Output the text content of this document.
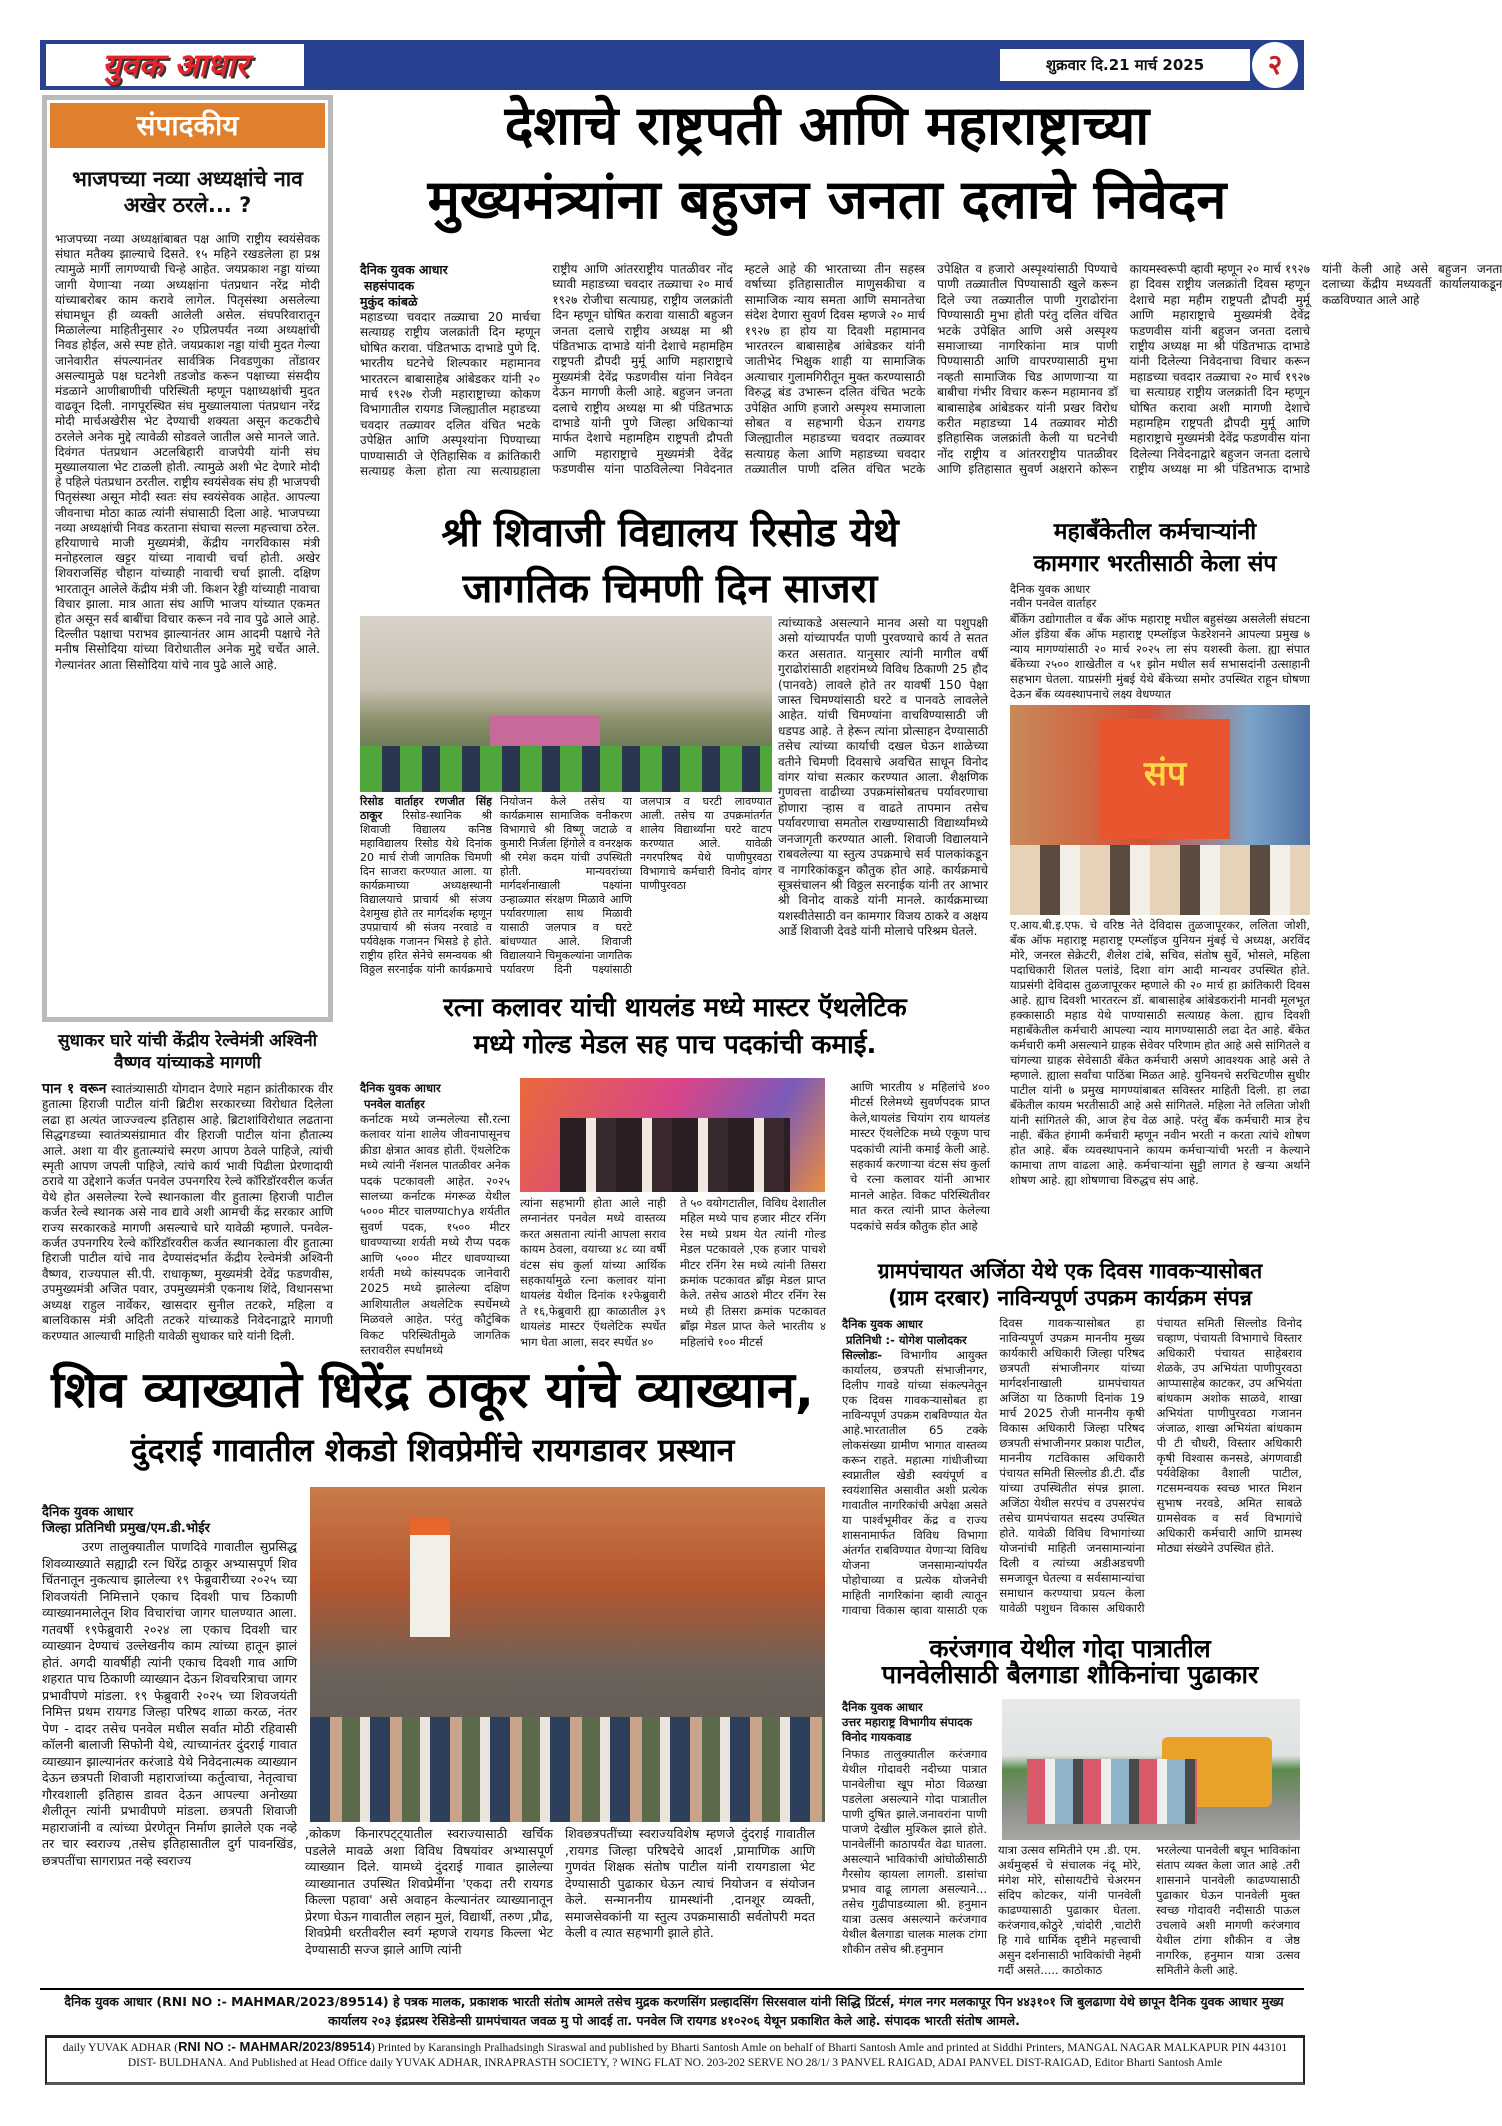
युवक आधार	शुक्रवार दि.21 मार्च 2025	२
संपादकीय
भाजपच्या नव्या अध्यक्षांचे नाव अखेर ठरले... ?
भाजपच्या नव्या अध्यक्षांबाबत पक्ष आणि राष्ट्रीय स्वयंसेवक संघात मतैक्य झाल्याचे दिसते. १५ महिने रखडलेला हा प्रश्न त्यामुळे मार्गी लागण्याची चिन्हे आहेत. जयप्रकाश नड्डा यांच्या जागी येणाऱ्या नव्या अध्यक्षांना पंतप्रधान नरेंद्र मोदी यांच्याबरोबर काम करावे लागेल. पितृसंस्था असलेल्या संघामधून ही व्यक्ती आलेली असेल. संघपरिवारातून मिळालेल्या माहितीनुसार २० एप्रिलपर्यंत नव्या अध्यक्षांची निवड होईल, असे स्पष्ट होते. जयप्रकाश नड्डा यांची मुदत गेल्या जानेवारीत संपल्यानंतर सार्वत्रिक निवडणुका तोंडावर असल्यामुळे पक्ष घटनेशी तडजोड करून पक्षाच्या संसदीय मंडळाने आणीबाणीची परिस्थिती म्हणून पक्षाध्यक्षांची मुदत वाढवून दिली. नागपूरस्थित संघ मुख्यालयाला पंतप्रधान नरेंद्र मोदी मार्चअखेरीस भेट देण्याची शक्यता असून कटकटीचे ठरलेले अनेक मुद्दे त्यावेळी सोडवले जातील असे मानले जाते. दिवंगत पंतप्रधान अटलबिहारी वाजपेयी यांनी संघ मुख्यालयाला भेट टाळली होती. त्यामुळे अशी भेट देणारे मोदी हे पहिले पंतप्रधान ठरतील. राष्ट्रीय स्वयंसेवक संघ ही भाजपची पितृसंस्था असून मोदी स्वतः संघ स्वयंसेवक आहेत. आपल्या जीवनाचा मोठा काळ त्यांनी संघासाठी दिला आहे. भाजपच्या नव्या अध्यक्षांची निवड करताना संघाचा सल्ला महत्त्वाचा ठरेल. हरियाणाचे माजी मुख्यमंत्री, केंद्रीय नगरविकास मंत्री मनोहरलाल खट्टर यांच्या नावाची चर्चा होती. अखेर शिवराजसिंह चौहान यांच्याही नावाची चर्चा झाली. दक्षिण भारतातून आलेले केंद्रीय मंत्री जी. किशन रेड्डी यांच्याही नावाचा विचार झाला. मात्र आता संघ आणि भाजप यांच्यात एकमत होत असून सर्व बाबींचा विचार करून नवे नाव पुढे आले आहे. दिल्लीत पक्षाचा पराभव झाल्यानंतर आम आदमी पक्षाचे नेते मनीष सिसोदिया यांच्या विरोधातील अनेक मुद्दे चर्चेत आले. गेल्यानंतर आता सिसोदिया यांचे नाव पुढे आले आहे.
सुधाकर घारे यांची केंद्रीय रेल्वेमंत्री अश्विनी वैष्णव यांच्याकडे मागणी
पान १ वरून स्वातंत्र्यासाठी योगदान देणारे महान क्रांतीकारक वीर हुतात्मा हिराजी पाटील यांनी ब्रिटीश सरकारच्या विरोधात दिलेला लढा हा अत्यंत जाज्ज्वल्य इतिहास आहे. ब्रिटाशांविरोधात लढताना सिद्धगडच्या स्वातंत्र्यसंग्रामात वीर हिराजी पाटील यांना हौतात्म्य आले. अशा या वीर हुतात्म्यांचे स्मरण आपण ठेवले पाहिजे, त्यांची स्मृती आपण जपली पाहिजे, त्यांचे कार्य भावी पिढीला प्रेरणादायी ठरावे या उद्देशाने कर्जत पनवेल उपनगरिय रेल्वे कॉरिडॉरवरील कर्जत येथे होत असलेल्या रेल्वे स्थानकाला वीर हुतात्मा हिराजी पाटील कर्जत रेल्वे स्थानक असे नाव द्यावे अशी आमची केंद्र सरकार आणि राज्य सरकारकडे मागणी असल्याचे घारे यावेळी म्हणाले. पनवेल-कर्जत उपनगरिय रेल्वे कॉरिडॉरवरील कर्जत स्थानकाला वीर हुतात्मा हिराजी पाटील यांचे नाव देण्यासंदर्भात केंद्रीय रेल्वेमंत्री अश्विनी वैष्णव, राज्यपाल सी.पी. राधाकृष्ण, मुख्यमंत्री देवेंद्र फडणवीस, उपमुख्यमंत्री अजित पवार, उपमुख्यमंत्री एकनाथ शिंदे, विधानसभा अध्यक्ष राहुल नार्वेकर, खासदार सुनील तटकरे, महिला व बालविकास मंत्री अदिती तटकरे यांच्याकडे निवेदनाद्वारे मागणी करण्यात आल्याची माहिती यावेळी सुधाकर घारे यांनी दिली.
देशाचे राष्ट्रपती आणि महाराष्ट्राच्या
मुख्यमंत्र्यांना बहुजन जनता दलाचे निवेदन
दैनिक युवक आधार
सहसंपादक
मुकुंद कांबळे
महाडच्या चवदार तळ्याचा 20 मार्चचा सत्याग्रह राष्ट्रीय जलक्रांती दिन म्हणून घोषित करावा. पंडितभाऊ दाभाडे पुणे दि. भारतीय घटनेचे शिल्पकार महामानव भारतरत्न बाबासाहेब आंबेडकर यांनी २० मार्च १९२७ रोजी महाराष्ट्राच्या कोकण विभागातील रायगड जिल्ह्यातील महाडच्या चवदार तळ्यावर दलित वंचित भटके उपेक्षित आणि अस्पृश्यांना पिण्याच्या पाण्यासाठी जे ऐतिहासिक व क्रांतिकारी सत्याग्रह केला होता त्या सत्याग्रहाला राष्ट्रीय आणि आंतरराष्ट्रीय पातळीवर नोंद घ्यावी महाडच्या चवदार तळ्याचा २० मार्च १९२७ रोजीचा सत्याग्रह, राष्ट्रीय जलक्रांती दिन म्हणून घोषित करावा यासाठी बहुजन जनता दलाचे राष्ट्रीय अध्यक्ष मा श्री पंडितभाऊ दाभाडे यांनी देशाचे महामहिम राष्ट्रपती द्रौपदी मुर्मू आणि महाराष्ट्राचे मुख्यमंत्री देवेंद्र फडणवीस यांना निवेदन देऊन मागणी केली आहे. बहुजन जनता दलाचे राष्ट्रीय अध्यक्ष मा श्री पंडितभाऊ दाभाडे यांनी पुणे जिल्हा अधिकाऱ्यां मार्फत देशाचे महामहिम राष्ट्रपती द्रौपती आणि महाराष्ट्राचे मुख्यमंत्री देवेंद्र फडणवीस यांना पाठविलेल्या निवेदनात म्हटले आहे की भारताच्या तीन सहस्त्र वर्षाच्या इतिहासातील माणुसकीचा व सामाजिक न्याय समता आणि समानतेचा संदेश देणारा सुवर्ण दिवस म्हणजे २० मार्च १९२७ हा होय या दिवशी महामानव भारतरत्न बाबासाहेब आंबेडकर यांनी जातीभेद भिक्षुक शाही या सामाजिक अत्याचार गुलामगिरीतून मुक्त करण्यासाठी विरुद्ध बंड उभारून दलित वंचित भटके उपेक्षित आणि हजारो अस्पृश्य समाजाला सोबत व सहभागी घेऊन रायगड जिल्ह्यातील महाडच्या चवदार तळ्यावर सत्याग्रह केला आणि महाडच्या चवदार तळ्यातील पाणी दलित वंचित भटके उपेक्षित व हजारो अस्पृश्यांसाठी पिण्याचे पाणी तळ्यातील पिण्यासाठी खुले करून दिले ज्या तळ्यातील पाणी गुराढोरांना पिण्यासाठी मुभा होती परंतु दलित वंचित भटके उपेक्षित आणि असे अस्पृश्य समाजाच्या नागरिकांना मात्र पाणी पिण्यासाठी आणि वापरण्यासाठी मुभा नव्हती सामाजिक चिड आणणाऱ्या या बाबीचा गंभीर विचार करून महामानव डॉ बाबासाहेब आंबेडकर यांनी प्रखर विरोध करीत महाडच्या 14 तळ्यावर मोठी इतिहासिक जलक्रांती केली या घटनेची नोंद राष्ट्रीय व आंतरराष्ट्रीय पातळीवर आणि इतिहासात सुवर्ण अक्षराने कोरून कायमस्वरूपी व्हावी म्हणून २० मार्च १९२७ हा दिवस राष्ट्रीय जलक्रांती दिवस म्हणून देशाचे महा महीम राष्ट्रपती द्रौपदी मुर्मू आणि महाराष्ट्राचे मुख्यमंत्री देवेंद्र फडणवीस यांनी बहुजन जनता दलाचे राष्ट्रीय अध्यक्ष मा श्री पंडितभाऊ दाभाडे यांनी दिलेल्या निवेदनाचा विचार करून महाडच्या चवदार तळ्याचा २० मार्च १९२७ चा सत्याग्रह राष्ट्रीय जलक्रांती दिन म्हणून घोषित करावा अशी मागणी देशाचे महामहिम राष्ट्रपती द्रौपदी मुर्मू आणि महाराष्ट्राचे मुख्यमंत्री देवेंद्र फडणवीस यांना दिलेल्या निवेदनाद्वारे बहुजन जनता दलाचे राष्ट्रीय अध्यक्ष मा श्री पंडितभाऊ दाभाडे यांनी केली आहे असे बहुजन जनता दलाच्या केंद्रीय मध्यवर्ती कार्यालयाकडून कळविण्यात आले आहे
श्री शिवाजी विद्यालय रिसोड येथे
जागतिक चिमणी दिन साजरा
त्यांच्याकडे असल्याने मानव असो या पशुपक्षी असो यांच्यापर्यंत पाणी पुरवण्याचे कार्य ते सतत करत असतात. यानुसार त्यांनी मागील वर्षी गुराढोरांसाठी शहरांमध्ये विविध ठिकाणी 25 हौद (पानवठे) लावले होते तर यावर्षी 150 पेक्षा जास्त चिमण्यांसाठी घरटे व पानवठे लावलेले आहेत. यांची चिमण्यांना वाचविण्यासाठी जी धडपड आहे. ते हेरून त्यांना प्रोत्साहन देण्यासाठी तसेच त्यांच्या कार्याची दखल घेऊन शाळेच्या वतीने चिमणी दिवसाचे अवचित साधून विनोद वांगर यांचा सत्कार करण्यात आला. शैक्षणिक गुणवत्ता वाढीच्या उपक्रमांसोबतच पर्यावरणाचा होणारा ऱ्हास व वाढते तापमान तसेच पर्यावरणाचा समतोल राखण्यासाठी विद्यार्थ्यांमध्ये जनजागृती करण्यात आली. शिवाजी विद्यालयाने राबवलेल्या या स्तुत्य उपक्रमाचे सर्व पालकांकडून व नागरिकांकडून कौतुक होत आहे. कार्यक्रमाचे सूत्रसंचालन श्री विठ्ठल सरनाईक यांनी तर आभार श्री विनोद वाकडे यांनी मानले. कार्यक्रमाच्या यशस्वीतेसाठी वन कामगार विजय ठाकरे व अक्षय आर्डे शिवाजी देवडे यांनी मोलाचे परिश्रम घेतले.
रिसोड वार्ताहर रणजीत सिंह ठाकूर रिसोड-स्थानिक श्री शिवाजी विद्यालय कनिष्ठ महाविद्यालय रिसोड येथे दिनांक 20 मार्च रोजी जागतिक चिमणी दिन साजरा करण्यात आला. या कार्यक्रमाच्या अध्यक्षस्थानी विद्यालयाचे प्राचार्य श्री संजय देशमुख होते तर मार्गदर्शक म्हणून उपप्राचार्य श्री संजय नरवाडे व पर्यवेक्षक गजानन भिसडे हे होते. राष्ट्रीय हरित सेनेचे समन्वयक श्री विठ्ठल सरनाईक यांनी कार्यक्रमाचे नियोजन केले तसेच या कार्यक्रमास सामाजिक वनीकरण विभागाचे श्री विष्णू जटाळे व कुमारी निर्जला हिंगोले व वनरक्षक श्री रमेश कदम यांची उपस्थिती होती. मान्यवरांच्या मार्गदर्शनाखाली पक्ष्यांना उन्हाळ्यात संरक्षण मिळावे आणि पर्यावरणाला साथ मिळावी यासाठी जलपात्र व घरटे बांधण्यात आले. शिवाजी विद्यालयाने चिमुकल्यांना जागतिक पर्यावरण दिनी पक्ष्यांसाठी जलपात्र व घरटी लावण्यात आली. तसेच या उपक्रमांतर्गत शालेय विद्यार्थ्यांना घरटे वाटप करण्यात आले. यावेळी नगरपरिषद येथे पाणीपुरवठा विभागाचे कर्मचारी विनोद वांगर पाणीपुरवठा
महाबँकेतील कर्मचाऱ्यांनी
कामगार भरतीसाठी केला संप
दैनिक युवक आधार
नवीन पनवेल वार्ताहर
बँकिंग उद्योगातील व बँक ऑफ महाराष्ट्र मधील बहुसंख्य असलेली संघटना ऑल इंडिया बँक ऑफ महाराष्ट्र एम्प्लॉइज फेडरेशनने आपल्या प्रमुख ७ न्याय मागण्यांसाठी २० मार्च २०२५ ला संप यशस्वी केला. ह्या संपात बँकेच्या २५०० शाखेतील व ५१ झोन मधील सर्व सभासदांनी उत्साहानी सहभाग घेतला. याप्रसंगी मुंबई येथे बँकेच्या समोर उपस्थित राहून घोषणा देऊन बँक व्यवस्थापनाचे लक्ष्य वेधण्यात
संप
ए.आय.बी.इ.एफ. चे वरिष्ठ नेते देविदास तुळजापूरकर, ललिता जोशी, बँक ऑफ महाराष्ट्र महाराष्ट्र एम्प्लॉइज युनियन मुंबई चे अध्यक्ष, अरविंद मोरे, जनरल सेक्रेटरी, शैलेश टांबे, सचिव, संतोष सुर्वे, भोसले, महिला पदाधिकारी शितल पलांडे, दिशा वांग आदी मान्यवर उपस्थित होते. याप्रसंगी देविदास तुळजापूरकर म्हणाले की २० मार्च हा क्रांतिकारी दिवस आहे. ह्याच दिवशी भारतरत्न डॉ. बाबासाहेब आंबेडकरांनी मानवी मूलभूत हक्कासाठी महाड येथे पाण्यासाठी सत्याग्रह केला. ह्याच दिवशी महाबँकेतील कर्मचारी आपल्या न्याय मागण्यासाठी लढा देत आहे. बँकेत कर्मचारी कमी असल्याने ग्राहक सेवेवर परिणाम होत आहे असे सांगितले व चांगल्या ग्राहक सेवेसाठी बँकेत कर्मचारी असणे आवश्यक आहे असे ते म्हणाले. ह्याला सर्वांचा पाठिंबा मिळत आहे. युनियनचे सरचिटणीस सुधीर पाटील यांनी ७ प्रमुख मागण्यांबाबत सविस्तर माहिती दिली. हा लढा बँकेतील कायम भरतीसाठी आहे असे सांगितले. महिला नेते ललिता जोशी यांनी सांगितले की, आज हेच वेळ आहे. परंतु बँक कर्मचारी मात्र हेच नाही. बँकेत हंगामी कर्मचारी म्हणून नवीन भरती न करता त्यांचे शोषण होत आहे. बँक व्यवस्थापनाने कायम कर्मचाऱ्यांची भरती न केल्याने कामाचा ताण वाढला आहे. कर्मचाऱ्यांना सुट्टी लागत हे खऱ्या अर्थाने शोषण आहे. ह्या शोषणाचा विरुद्धच संप आहे.
रत्ना कलावर यांची थायलंड मध्ये मास्टर ऍथलेटिक
मध्ये गोल्ड मेडल सह पाच पदकांची कमाई.
दैनिक युवक आधार
पनवेल वार्ताहर
कर्नाटक मध्ये जन्मलेल्या सौ.रत्ना कलावर यांना शालेय जीवनापासूनच क्रीडा क्षेत्रात आवड होती. ऍथलेटिक मध्ये त्यांनी नॅशनल पातळीवर अनेक पदकं पटकावली आहेत. २०२५ सालच्या कर्नाटक मंगरूळ येथील ५००० मीटर चालण्याchya शर्यतीत सुवर्ण पदक, १५०० मीटर धावण्याच्या शर्यती मध्ये रौप्य पदक आणि ५००० मीटर धावण्याच्या शर्यती मध्ये कांस्यपदक जानेवारी 2025 मध्ये झालेल्या दक्षिण आशियातील अथलेटिक स्पर्धेमध्ये मिळवले आहेत. परंतु कौटुंबिक विकट परिस्थितीमुळे जागतिक स्तरावरील स्पर्धांमध्ये
त्यांना सहभागी होता आले नाही लग्नानंतर पनवेल मध्ये वास्तव्य करत असताना त्यांनी आपला सराव कायम ठेवला, वयाच्या ४८ व्या वर्षी वंटस संघ कुर्ला यांच्या आर्थिक सहकार्यामुळे रत्ना कलावर यांना थायलंड येथील दिनांक १२फेब्रुवारी ते १६,फेब्रुवारी ह्या काळातील ३९ थायलंड मास्टर ऍथलेटिक स्पर्धेत भाग घेता आला, सदर स्पर्धेत ४०
ते ५० वयोगटातील, विविध देशातील महिल मध्ये पाच हजार मीटर रनिंग रेस मध्ये प्रथम येत त्यांनी गोल्ड मेडल पटकावले ,एक हजार पाचशे मीटर रनिंग रेस मध्ये त्यांनी तिसरा क्रमांक पटकावत ब्रॉंझ मेडल प्राप्त केले. तसेच आठशे मीटर रनिंग रेस मध्ये ही तिसरा क्रमांक पटकावत ब्रॉंझ मेडल प्राप्त केले भारतीय ४ महिलांचे १०० मीटर्स
आणि भारतीय ४ महिलांचे ४०० मीटर्स रिलेमध्ये सुवर्णपदक प्राप्त केले,थायलंड चियांग राय थायलंड मास्टर ऍथलेटिक मध्ये एकूण पाच पदकांची त्यांनी कमाई केली आहे. सहकार्य करणाऱ्या वंटस संघ कुर्ला चे रत्ना कलावर यांनी आभार मानले आहेत. विकट परिस्थितीवर मात करत त्यांनी प्राप्त केलेल्या पदकांचे सर्वत्र कौतुक होत आहे
ग्रामपंचायत अजिंठा येथे एक दिवस गावकऱ्यासोबत
(ग्राम दरबार) नाविन्यपूर्ण उपक्रम कार्यक्रम संपन्न
दैनिक युवक आधार
प्रतिनिधी :- योगेश पालोदकर
सिल्लोडः- विभागीय आयुक्त कार्यालय, छत्रपती संभाजीनगर, दिलीप गावडे यांच्या संकल्पनेतून एक दिवस गावकऱ्यासोबत हा नाविन्यपूर्ण उपक्रम राबविण्यात येत आहे.भारतातील 65 टक्के लोकसंख्या ग्रामीण भागात वास्तव्य करून राहते. महात्मा गांधीजीच्या स्वप्नातील खेडी स्वयंपूर्ण व स्वयंशासित असावीत अशी प्रत्येक गावातील नागरिकांची अपेक्षा असते या पार्श्वभूमीवर केंद्र व राज्य शासनामार्फत विविध विभागा अंतर्गत राबविण्यात येणाऱ्या विविध योजना जनसामान्यांपर्यंत पोहोचाव्या व प्रत्येक योजनेची माहिती नागरिकांना व्हावी त्यातून गावाचा विकास व्हावा यासाठी एक दिवस गावकऱ्यासोबत हा नाविन्यपूर्ण उपक्रम माननीय मुख्य कार्यकारी अधिकारी जिल्हा परिषद छत्रपती संभाजीनगर यांच्या मार्गदर्शनाखाली ग्रामपंचायत अजिंठा या ठिकाणी दिनांक 19 मार्च 2025 रोजी माननीय कृषी विकास अधिकारी जिल्हा परिषद छत्रपती संभाजीनगर प्रकाश पाटील, माननीय गटविकास अधिकारी पंचायत समिती सिल्लोड डी.टी. दौंड यांच्या उपस्थितीत संपन्न झाला. अजिंठा येथील सरपंच व उपसरपंच तसेच ग्रामपंचायत सदस्य उपस्थित होते. यावेळी विविध विभागांच्या योजनांची माहिती जनसामान्यांना दिली व त्यांच्या अडीअडचणी समजावून घेतल्या व सर्वसामान्यांचा समाधान करण्याचा प्रयत्न केला यावेळी पशुधन विकास अधिकारी पंचायत समिती सिल्लोड विनोद चव्हाण, पंचायती विभागाचे विस्तार अधिकारी पंचायत साहेबराव शेळके, उप अभियंता पाणीपुरवठा आप्पासाहेब काटकर, उप अभियंता बांधकाम अशोक साळवे, शाखा अभियंता पाणीपुरवठा गजानन जंजाळ, शाखा अभियंता बांधकाम पी टी चौधरी, विस्तार अधिकारी कृषी विश्वास कनसडे, अंगणवाडी पर्यवेक्षिका वैशाली पाटील, गटसमन्वयक स्वच्छ भारत मिशन सुभाष नरवडे, अमित साबळे ग्रामसेवक व सर्व विभागांचे अधिकारी कर्मचारी आणि ग्रामस्थ मोठ्या संख्येने उपस्थित होते.
शिव व्याख्याते धिरेंद्र ठाकूर यांचे व्याख्यान,
दुंदराई गावातील शेकडो शिवप्रेमींचे रायगडावर प्रस्थान
दैनिक युवक आधार
जिल्हा प्रतिनिधी प्रमुख/एम.डी.भोईर
उरण तालुक्यातील पाणदिवे गावातील सुप्रसिद्ध शिवव्याख्याते सह्याद्री रत्न धिरेंद्र ठाकूर अभ्यासपूर्ण शिव चिंतनातून नुकत्याच झालेल्या १९ फेब्रुवारीच्या २०२५ च्या शिवजयंती निमित्ताने एकाच दिवशी पाच ठिकाणी व्याख्यानमालेतून शिव विचारांचा जागर घालण्यात आला. गतवर्षी १९फेब्रुवारी २०२४ ला एकाच दिवशी चार व्याख्यान देण्याचं उल्लेखनीय काम त्यांच्या हातून झालं होतं. अगदी यावर्षीही त्यांनी एकाच दिवशी गाव आणि शहरात पाच ठिकाणी व्याख्यान देऊन शिवचरित्राचा जागर प्रभावीपणे मांडला. १९ फेब्रुवारी २०२५ च्या शिवजयंती निमित्त प्रथम रायगड जिल्हा परिषद शाळा करळ, नंतर पेण - दादर तसेच पनवेल मधील सर्वात मोठी रहिवासी कॉलनी बालाजी सिफोनी येथे, त्याच्यानंतर दुंदराई गावात व्याख्यान झाल्यानंतर करंजाडे येथे निवेदनात्मक व्याख्यान देऊन छत्रपती शिवाजी महाराजांच्या कर्तुत्वाचा, नेतृत्वाचा गौरवशाली इतिहास डावत देऊन आपल्या अनोख्या शैलीतून त्यांनी प्रभावीपणे मांडला. छत्रपती शिवाजी महाराजांनी व त्यांच्या प्रेरणेतून निर्माण झालेले एक नव्हे तर चार स्वराज्य ,तसेच इतिहासातील दुर्ग पावनखिंड, छत्रपतींचा सागराप्रत नव्हे स्वराज्य
,कोकण किनारपट्ट्यातील स्वराज्यासाठी खर्चिक पडलेले मावळे अशा विविध विषयांवर अभ्यासपूर्ण व्याख्यान दिले. यामध्ये दुंदराई गावात झालेल्या व्याख्यानात उपस्थित शिवप्रेमींना 'एकदा तरी रायगड किल्ला पहावा' असे अवाहन केल्यानंतर व्याख्यानातून प्रेरणा घेऊन गावातील लहान मुलं, विद्यार्थी, तरुण ,प्रौढ, शिवप्रेमी धरतीवरील स्वर्ग म्हणजे रायगड किल्ला भेट देण्यासाठी सज्ज झाले आणि त्यांनी
शिवछत्रपतींच्या स्वराज्यविशेष म्हणजे दुंदराई गावातील ,रायगड जिल्हा परिषदेचे आदर्श ,प्रामाणिक आणि गुणवंत शिक्षक संतोष पाटील यांनी रायगडाला भेट देण्यासाठी पुढाकार घेऊन त्याचं नियोजन व संयोजन केले. सन्माननीय ग्रामस्थांनी ,दानशूर व्यक्ती, समाजसेवकांनी या स्तुत्य उपक्रमासाठी सर्वतोपरी मदत केली व त्यात सहभागी झाले होते.
करंजगाव येथील गोदा पात्रातील
पानवेलीसाठी बैलगाडा शौकिनांचा पुढाकार
दैनिक युवक आधार
उत्तर महाराष्ट्र विभागीय संपादक
विनोद गायकवाड
निफाड तालुक्यातील करंजगाव येथील गोदावरी नदीच्या पात्रात पानवेलीचा खूप मोठा विळखा पडलेला असल्याने गोदा पात्रातील पाणी दुषित झाले.जनावरांना पाणी पाजणे देखील मुश्किल झाले होते. पानवेलींनी काठापर्यंत वेढा घातला. असल्याने भाविकांची आंघोळीसाठी गैरसोय व्हायला लागली. डासांचा प्रभाव वाढू लागला असल्याने... तसेच गुढीपाडव्याला श्री. हनुमान यात्रा उत्सव असल्याने करंजगाव येथील बैलगाडा चालक मालक टांगा शौकीन तसेच श्री.हनुमान
यात्रा उत्सव समितीने एम .डी. एम. अर्थमुव्हर्स चे संचालक नंदू मोरे, मंगेश मोरे, सोसायटीचे चेअरमन संदिप कोटकर, यांनी पानवेली काढण्यासाठी पुढाकार घेतला. करंजगाव,कोठुरे ,चांदोरी ,चाटोरी हि गावे धार्मिक दृष्टीने महत्त्वाची असुन दर्शनासाठी भाविकांची नेहमी गर्दी असते..... काठोकाठ
भरलेल्या पानवेली बघून भाविकांना संताप व्यक्त केला जात आहे .तरी शासनाने पानवेली काढण्यासाठी पुढाकार घेऊन पानवेली मुक्त स्वच्छ गोदावरी नदीसाठी पाऊल उचलावे अशी मागणी करंजगाव येथील टांगा शौकीन व जेष्ठ नागरिक, हनुमान यात्रा उत्सव समितीने केली आहे.
दैनिक युवक आधार (RNI NO :- MAHMAR/2023/89514) हे पत्रक मालक, प्रकाशक भारती संतोष आमले तसेच मुद्रक करणसिंग प्रल्हादसिंग सिरसवाल यांनी सिद्धि प्रिंटर्स, मंगल नगर मलकापूर पिन ४४३१०१ जि बुलढाणा येथे छापून दैनिक युवक आधार मुख्य कार्यालय २०३ इंद्रप्रस्थ रेसिडेन्सी ग्रामपंचायत जवळ मु पो आदई ता. पनवेल जि रायगड ४१०२०६ येथून प्रकाशित केले आहे. संपादक भारती संतोष आमले.
daily YUVAK ADHAR (RNI NO :- MAHMAR/2023/89514) Printed by Karansingh Pralhadsingh Siraswal and published by Bharti Santosh Amle on behalf of Bharti Santosh Amle and printed at Siddhi Printers, MANGAL NAGAR MALKAPUR PIN 443101 DIST- BULDHANA. And Published at Head Office daily YUVAK ADHAR, INRAPRASTH SOCIETY, ? WING FLAT NO. 203-202 SERVE NO 28/1/ 3 PANVEL RAIGAD, ADAI PANVEL DIST-RAIGAD, Editor Bharti Santosh Amle
